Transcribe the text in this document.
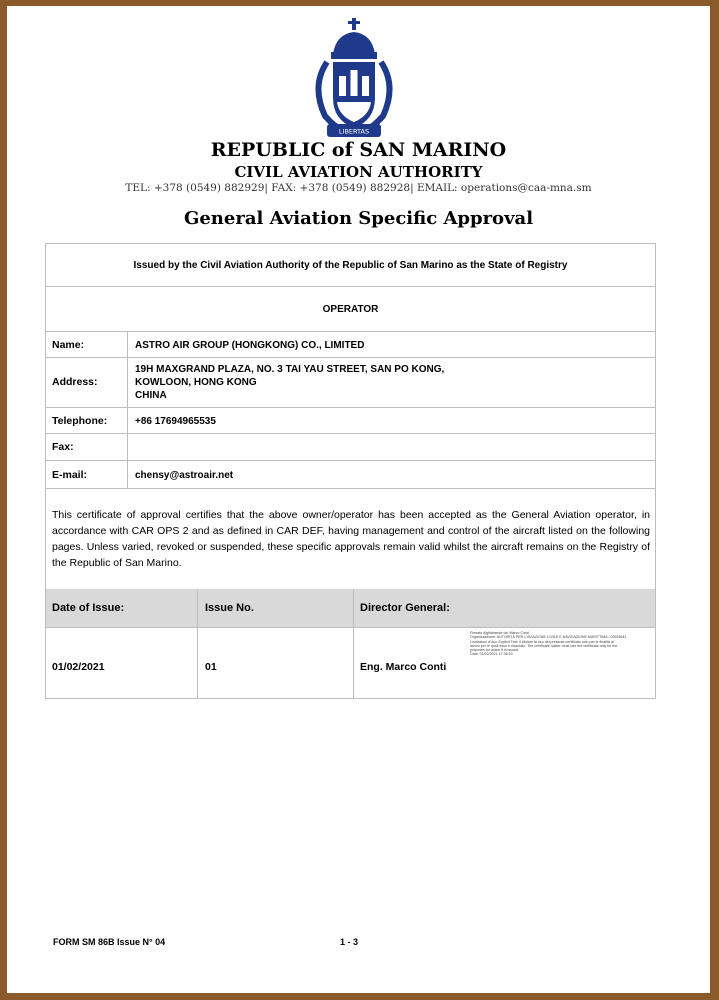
LIBERTAS
REPUBLIC of SAN MARINO
CIVIL AVIATION AUTHORITY
TEL: +378 (0549) 882929| FAX: +378 (0549) 882928| EMAIL: operations@caa-mna.sm
General Aviation Specific Approval
Issued by the Civil Aviation Authority of the Republic of San Marino as the State of Registry
OPERATOR
Name:	ASTRO AIR GROUP (HONGKONG) CO., LIMITED
Address:
19H MAXGRAND PLAZA, NO. 3 TAI YAU STREET, SAN PO KONG,
KOWLOON, HONG KONG
CHINA
Telephone:	+86 17694965535
Fax:
E-mail:	chensy@astroair.net
This certificate of approval certifies that the above owner/operator has been accepted as the General Aviation operator, in accordance with CAR OPS 2 and as defined in CAR DEF, having management and control of the aircraft listed on the following pages. Unless varied, revoked or suspended, these specific approvals remain valid whilst the aircraft remains on the Registry of the Republic of San Marino.
Date of Issue:	Issue No.	Director General:
01/02/2021	01	Eng. Marco Conti
Firmato digitalmente da: Marco Conti
Organizzazione: AUTORITÀ PER L'AVIAZIONE CIVILE E NAVIGAZIONE MARITTIMA / 03925641
Limitazioni d'uso: Explicit Text: Il titolare fa uso del presente certificato solo per le finalità di
lavoro per le quali esso è rilasciato. The certificate holder must use the certificate only for the
purposes for which it is issued.
Data: 01/02/2021 17:36:53
FORM SM 86B Issue N° 04	1 - 3
